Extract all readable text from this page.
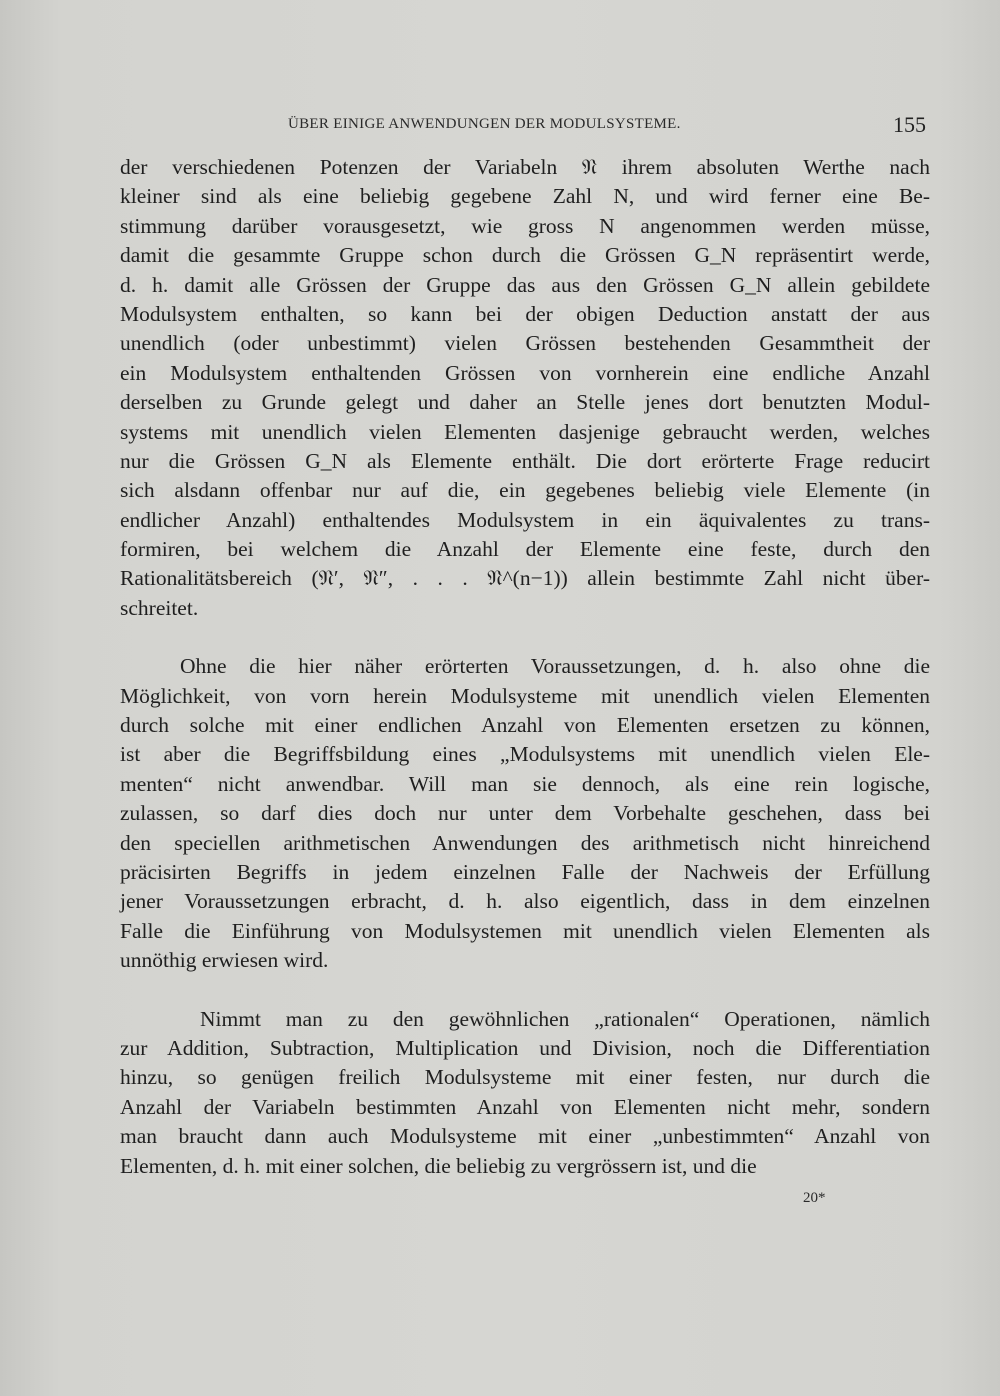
ÜBER EINIGE ANWENDUNGEN DER MODULSYSTEME.	155
der verschiedenen Potenzen der Variabeln 𝔑 ihrem absoluten Werthe nach
kleiner sind als eine beliebig gegebene Zahl N, und wird ferner eine Be-
stimmung darüber vorausgesetzt, wie gross N angenommen werden müsse,
damit die gesammte Gruppe schon durch die Grössen G_N repräsentirt werde,
d. h. damit alle Grössen der Gruppe das aus den Grössen G_N allein gebildete
Modulsystem enthalten, so kann bei der obigen Deduction anstatt der aus
unendlich (oder unbestimmt) vielen Grössen bestehenden Gesammtheit der
ein Modulsystem enthaltenden Grössen von vornherein eine endliche Anzahl
derselben zu Grunde gelegt und daher an Stelle jenes dort benutzten Modul-
systems mit unendlich vielen Elementen dasjenige gebraucht werden, welches
nur die Grössen G_N als Elemente enthält. Die dort erörterte Frage reducirt
sich alsdann offenbar nur auf die, ein gegebenes beliebig viele Elemente (in
endlicher Anzahl) enthaltendes Modulsystem in ein äquivalentes zu trans-
formiren, bei welchem die Anzahl der Elemente eine feste, durch den
Rationalitätsbereich (𝔑′, 𝔑″, . . . 𝔑^(n−1)) allein bestimmte Zahl nicht über-
schreitet.
Ohne die hier näher erörterten Voraussetzungen, d. h. also ohne die
Möglichkeit, von vorn herein Modulsysteme mit unendlich vielen Elementen
durch solche mit einer endlichen Anzahl von Elementen ersetzen zu können,
ist aber die Begriffsbildung eines „Modulsystems mit unendlich vielen Ele-
menten“ nicht anwendbar. Will man sie dennoch, als eine rein logische,
zulassen, so darf dies doch nur unter dem Vorbehalte geschehen, dass bei
den speciellen arithmetischen Anwendungen des arithmetisch nicht hinreichend
präcisirten Begriffs in jedem einzelnen Falle der Nachweis der Erfüllung
jener Voraussetzungen erbracht, d. h. also eigentlich, dass in dem einzelnen
Falle die Einführung von Modulsystemen mit unendlich vielen Elementen als
unnöthig erwiesen wird.
Nimmt man zu den gewöhnlichen „rationalen“ Operationen, nämlich
zur Addition, Subtraction, Multiplication und Division, noch die Differentiation
hinzu, so genügen freilich Modulsysteme mit einer festen, nur durch die
Anzahl der Variabeln bestimmten Anzahl von Elementen nicht mehr, sondern
man braucht dann auch Modulsysteme mit einer „unbestimmten“ Anzahl von
Elementen, d. h. mit einer solchen, die beliebig zu vergrössern ist, und die
20*
